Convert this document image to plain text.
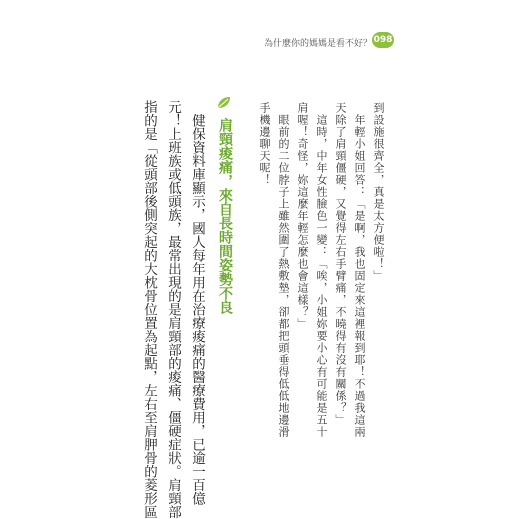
為什麼你的媽媽是看不好？ 098
到設施很齊全，真是太方便啦！」
　年輕小姐回答：「是啊，我也固定來這裡報到耶！不過我這兩
天除了肩頸僵硬，又覺得左右手臂痛，不曉得有沒有關係？」
　這時，中年女性臉色一變：「唉，小姐妳要小心有可能是五十
肩喔！奇怪，妳這麼年輕怎麼也會這樣？」
　眼前的二位脖子上雖然圍了熱敷墊，卻都把頭垂得低低地邊滑
手機邊聊天呢！
肩頸痠痛，來自長時間姿勢不良
　健保資料庫顯示，國人每年用在治療痠痛的醫療費用，已逾一百億
元！上班族或低頭族，最常出現的是肩頸部的痠痛、僵硬症狀。肩頸部
指的是「從頭部後側突起的大枕骨位置為起點，左右至肩胛骨的菱形區
